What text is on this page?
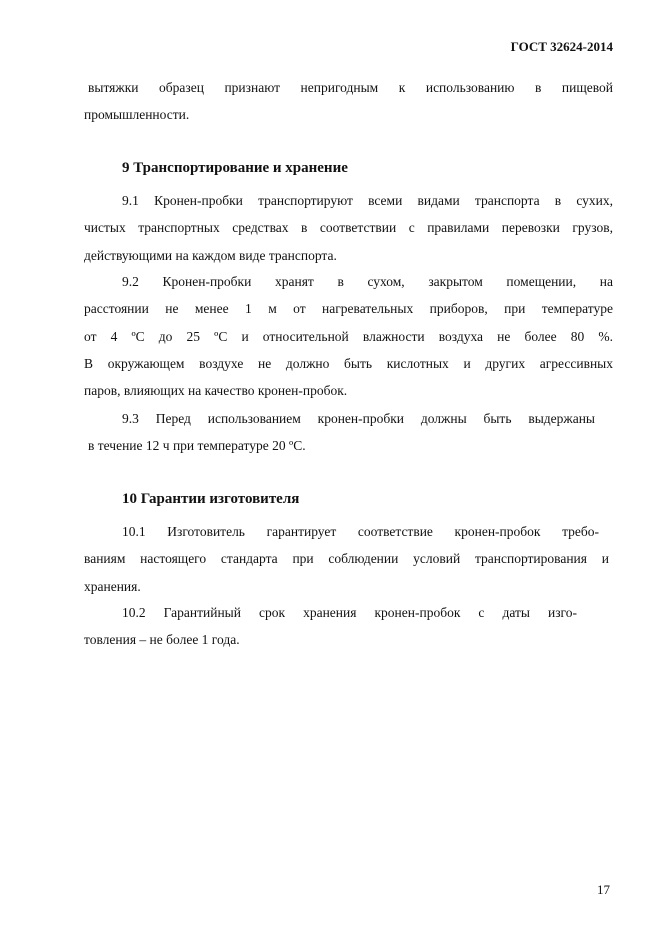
ГОСТ 32624-2014
вытяжки образец признают непригодным к использованию в пищевой
промышленности.
9 Транспортирование и хранение
9.1 Кронен-пробки транспортируют всеми видами транспорта в сухих,
чистых транспортных средствах в соответствии с правилами перевозки грузов,
действующими на каждом виде транспорта.
9.2 Кронен-пробки хранят в сухом, закрытом помещении, на
расстоянии не менее 1 м от нагревательных приборов, при температуре
от 4 ºС до 25 ºС и относительной влажности воздуха не более 80 %.
В окружающем воздухе не должно быть кислотных и других агрессивных
паров, влияющих на качество кронен-пробок.
9.3 Перед использованием кронен-пробки должны быть выдержаны
в течение 12 ч при температуре 20 ºС.
10 Гарантии изготовителя
10.1 Изготовитель гарантирует соответствие кронен-пробок требо-
ваниям настоящего стандарта при соблюдении условий транспортирования и
хранения.
10.2 Гарантийный срок хранения кронен-пробок с даты изго-
товления – не более 1 года.
17
